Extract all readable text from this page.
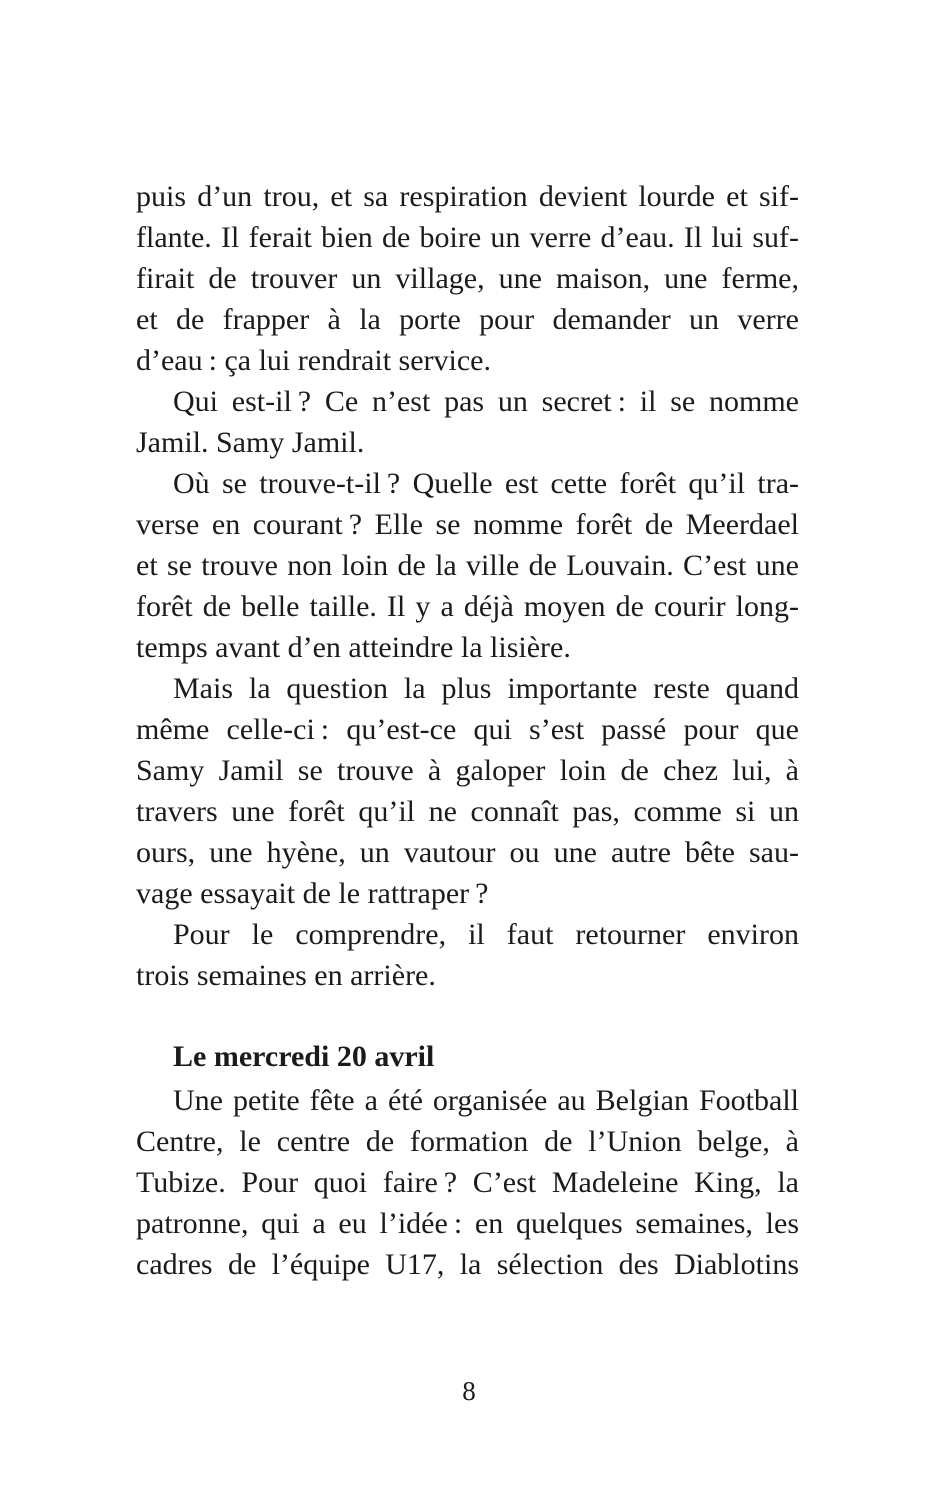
puis d’un trou, et sa respiration devient lourde et sif-
flante. Il ferait bien de boire un verre d’eau. Il lui suf-
firait de trouver un village, une maison, une ferme,
et de frapper à la porte pour demander un verre
d’eau : ça lui rendrait service.
Qui est-il ? Ce n’est pas un secret : il se nomme
Jamil. Samy Jamil.
Où se trouve-t-il ? Quelle est cette forêt qu’il tra-
verse en courant ? Elle se nomme forêt de Meerdael
et se trouve non loin de la ville de Louvain. C’est une
forêt de belle taille. Il y a déjà moyen de courir long-
temps avant d’en atteindre la lisière.
Mais la question la plus importante reste quand
même celle-ci : qu’est-ce qui s’est passé pour que
Samy Jamil se trouve à galoper loin de chez lui, à
travers une forêt qu’il ne connaît pas, comme si un
ours, une hyène, un vautour ou une autre bête sau-
vage essayait de le rattraper ?
Pour le comprendre, il faut retourner environ
trois semaines en arrière.
Le mercredi 20 avril
Une petite fête a été organisée au Belgian Football
Centre, le centre de formation de l’Union belge, à
Tubize. Pour quoi faire ? C’est Madeleine King, la
patronne, qui a eu l’idée : en quelques semaines, les
cadres de l’équipe U17, la sélection des Diablotins
8
